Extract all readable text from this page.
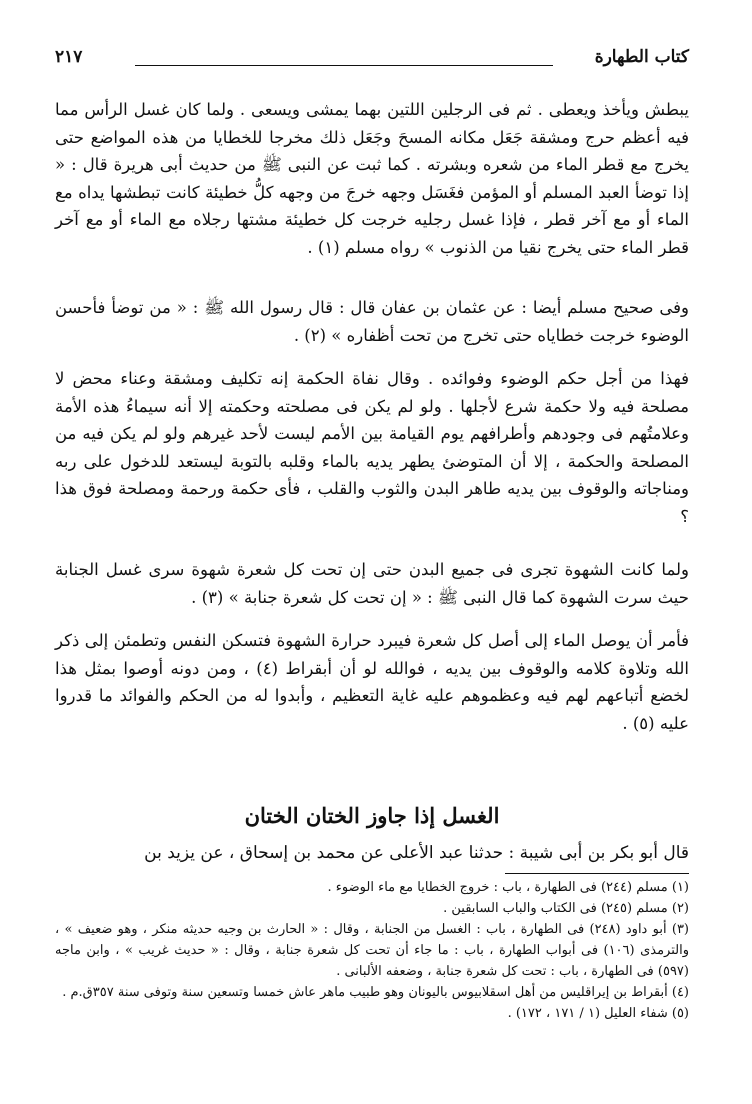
كتاب الطهارة
٢١٧

يبطش ويأخذ ويعطى . ثم فى الرجلين اللتين بهما يمشى ويسعى . ولما كان غسل الرأس مما فيه أعظم حرج ومشقة جَعَل مكانه المسحَ وجَعَل ذلك مخرجا للخطايا من هذه المواضع حتى يخرج مع قطر الماء من شعره وبشرته . كما ثبت عن النبى ﷺ من حديث أبى هريرة قال : « إذا توضأ العبد المسلم أو المؤمن فغَسَل وجهه خرجَ من وجهه كلُّ خطيئة كانت تبطشها يداه مع الماء أو مع آخر قطر ، فإذا غسل رجليه خرجت كل خطيئة مشتها رجلاه مع الماء أو مع آخر قطر الماء حتى يخرج نقيا من الذنوب » رواه مسلم (١) .

وفى صحيح مسلم أيضا : عن عثمان بن عفان قال : قال رسول الله ﷺ : « من توضأ فأحسن الوضوء خرجت خطاياه حتى تخرج من تحت أظفاره » (٢) .

فهذا من أجل حكم الوضوء وفوائده . وقال نفاة الحكمة إنه تكليف ومشقة وعناء محض لا مصلحة فيه ولا حكمة شرع لأجلها . ولو لم يكن فى مصلحته وحكمته إلا أنه سيماءُ هذه الأمة وعلامتُهم فى وجودهم وأطرافهم يوم القيامة بين الأمم ليست لأحد غيرهم ولو لم يكن فيه من المصلحة والحكمة ، إلا أن المتوضئ يطهر يديه بالماء وقلبه بالتوبة ليستعد للدخول على ربه ومناجاته والوقوف بين يديه طاهر البدن والثوب والقلب ، فأى حكمة ورحمة ومصلحة فوق هذا ؟

ولما كانت الشهوة تجرى فى جميع البدن حتى إن تحت كل شعرة شهوة سرى غسل الجنابة حيث سرت الشهوة كما قال النبى ﷺ : « إن تحت كل شعرة جنابة » (٣) .

فأمر أن يوصل الماء إلى أصل كل شعرة فيبرد حرارة الشهوة فتسكن النفس وتطمئن إلى ذكر الله وتلاوة كلامه والوقوف بين يديه ، فوالله لو أن أبقراط (٤) ، ومن دونه أوصوا بمثل هذا لخضع أتباعهم لهم فيه وعظموهم عليه غاية التعظيم ، وأبدوا له من الحكم والفوائد ما قدروا عليه (٥) .

الغسل إذا جاوز الختان الختان

قال أبو بكر بن أبى شيبة : حدثنا عبد الأعلى عن محمد بن إسحاق ، عن يزيد بن

(١) مسلم (٢٤٤) فى الطهارة ، باب : خروج الخطايا مع ماء الوضوء .

(٢) مسلم (٢٤٥) فى الكتاب والباب السابقين .

(٣) أبو داود (٢٤٨) فى الطهارة ، باب : الغسل من الجنابة ، وقال : « الحارث بن وجيه حديثه منكر ، وهو ضعيف » ، والترمذى (١٠٦) فى أبواب الطهارة ، باب : ما جاء أن تحت كل شعرة جنابة ، وقال : « حديث غريب » ، وابن ماجه (٥٩٧) فى الطهارة ، باب : تحت كل شعرة جنابة ، وضعفه الألبانى .

(٤) أبقراط بن إيراقليس من أهل اسقلابيوس باليونان وهو طبيب ماهر عاش خمسا وتسعين سنة وتوفى سنة ٣٥٧ق.م .

(٥) شفاء العليل (١ / ١٧١ ، ١٧٢) .
